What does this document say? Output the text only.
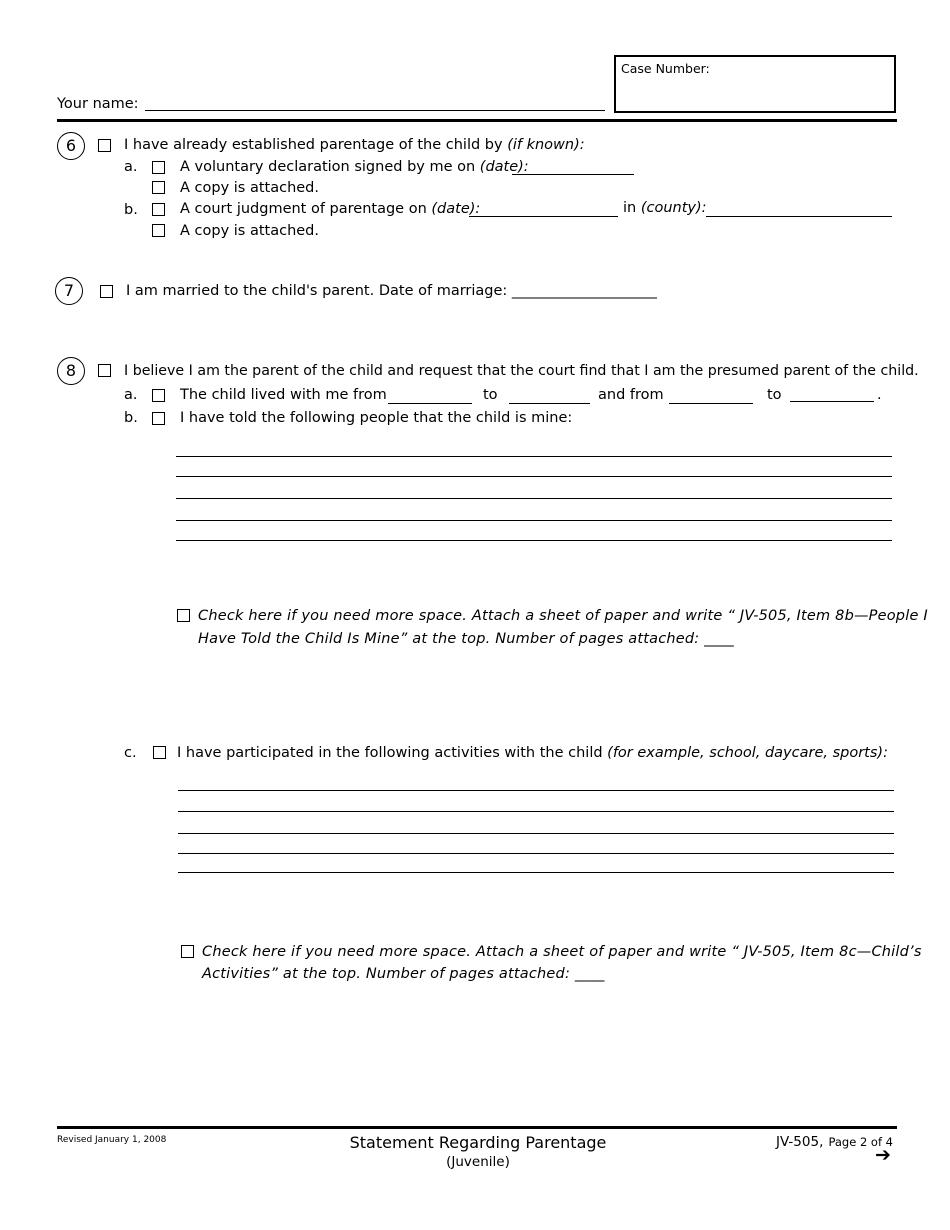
Your name:
Case Number:
6	I have already established parentage of the child by (if known):
a.	A voluntary declaration signed by me on (date):
A copy is attached.
b.	A court judgment of parentage on (date):	in (county):
A copy is attached.
7	I am married to the child's parent. Date of marriage: ____________________
8	I believe I am the parent of the child and request that the court find that I am the presumed parent of the child.
a.	The child lived with me from	to	and from	to	.
b.	I have told the following people that the child is mine:
Check here if you need more space. Attach a sheet of paper and write “ JV-505, Item 8b—People I
Have Told the Child Is Mine” at the top. Number of pages attached: ____
c.	I have participated in the following activities with the child (for example, school, daycare, sports):
Check here if you need more space. Attach a sheet of paper and write “ JV-505, Item 8c—Child’s
Activities” at the top. Number of pages attached: ____
Revised January 1, 2008	Statement Regarding Parentage
(Juvenile)
JV-505, Page 2 of 4
➔
